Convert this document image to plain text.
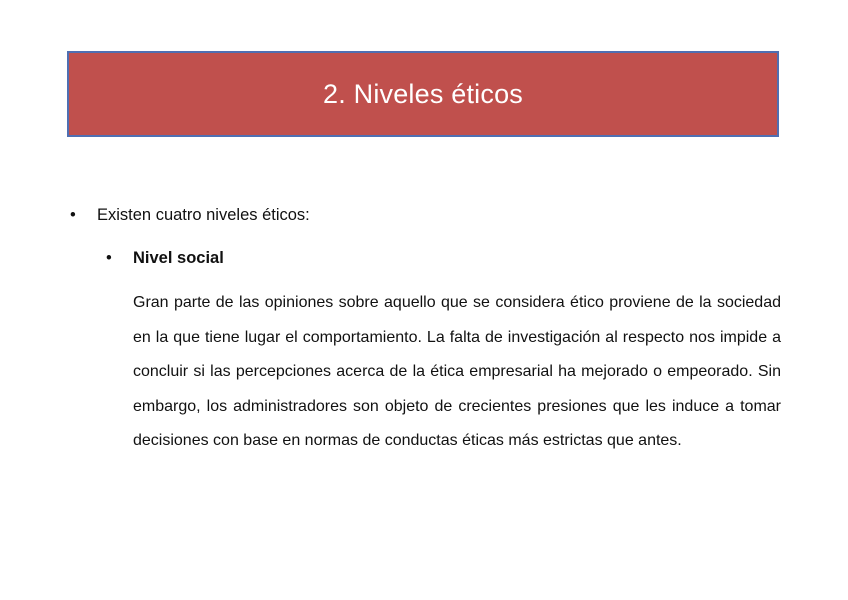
2. Niveles éticos
• Existen cuatro niveles éticos:
• Nivel social

Gran parte de las opiniones sobre aquello que se considera ético proviene de la sociedad en la que tiene lugar el comportamiento. La falta de investigación al respecto nos impide a concluir si las percepciones acerca de la ética empresarial ha mejorado o empeorado. Sin embargo, los administradores son objeto de crecientes presiones que les induce a tomar decisiones con base en normas de conductas éticas más estrictas que antes.
